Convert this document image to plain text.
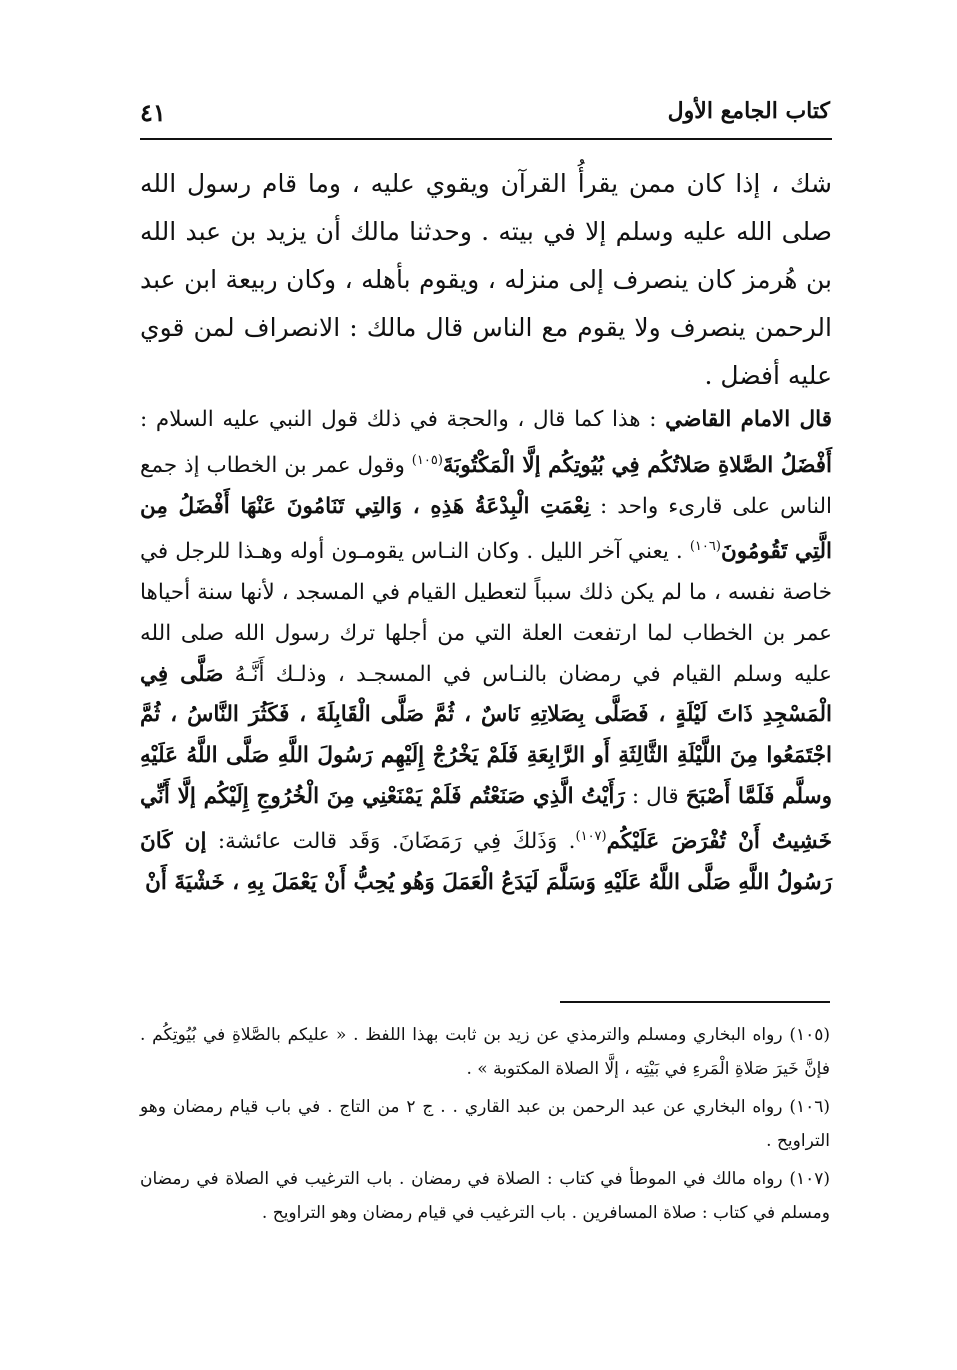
كتاب الجامع الأول
٤١

شك ، إذا كان ممن يقرأُ القرآن ويقوي عليه ، وما قام رسول الله صلى الله عليه وسلم إلا في بيته . وحدثنا مالك أن يزيد بن عبد الله بن هُرمز كان ينصرف إلى منزله ، ويقوم بأهله ، وكان ربيعة ابن عبد الرحمن ينصرف ولا يقوم مع الناس قال مالك : الانصراف لمن قوي عليه أفضل .

قال الامام القاضي : هذا كما قال ، والحجة في ذلك قول النبي عليه السلام : أَفْضَلُ الصَّلاةِ صَلاتُكُم فِي بُيُوتِكُم إلَّا الْمَكْتُوبَةَ$^{(١٠٥)}$ وقول عمر بن الخطاب إذ جمع الناس على قارىء واحد : نِعْمَتِ الْبِدْعَةُ هَذِهِ ، وَالتِي تَنَامُونَ عَنْهَا أَفْضَلُ مِن الَّتِي تَقُومُونَ$^{(١٠٦)}$ . يعني آخر الليل . وكان النـاس يقومـون أوله وهـذا للرجل في خاصة نفسه ، ما لم يكن ذلك سبباً لتعطيل القيام في المسجد ، لأنها سنة أحياها عمر بن الخطاب لما ارتفعت العلة التي من أجلها ترك رسول الله صلى الله عليه وسلم القيام في رمضان بالنـاس في المسجـد ، وذلـك أَنَّـهُ صَلَّى فِي الْمَسْجِدِ ذَاتَ لَيْلَةٍ ، فَصَلَّى بِصَلاتِهِ نَاسٌ ، ثُمَّ صَلَّى الْقَابِلَةَ ، فَكَثُرَ النَّاسُ ، ثُمَّ اجْتَمَعُوا مِنَ اللَّيْلَةِ الثَّالِثَةِ أَو الرَّابِعَةِ فَلَمْ يَخْرُجْ إِلَيْهِم رَسُولَ اللَّهِ صَلَّى اللَّهُ عَلَيْهِ وسلَّم فَلَمَّا أَصْبَحَ قال : رَأَيْتُ الَّذِي صَنَعْتُم فَلَمْ يَمْنَعْنِي مِنَ الْخُرُوجِ إِلَيْكُم إلَّا أَنِّي خَشِيتُ أَنْ تُفْرَضَ عَلَيْكُم$^{(١٠٧)}$. وَذَلكَ فِي رَمَضَانَ. وَقَد قالت عائشة: إن كَانَ رَسُولُ اللَّهِ صَلَّى اللَّهُ عَلَيْهِ وَسَلَّمَ لَيَدَعُ الْعَمَلَ وَهُو يُحِبُّ أَنْ يَعْمَلَ بِهِ ، خَشْيَةَ أَنْ

(١٠٥) رواه البخاري ومسلم والترمذي عن زيد بن ثابت بهذا اللفظ . « عليكم بالصَّلاةِ في بُيُوتِكُم . فإنَّ خَيرَ صَلاةِ الْمَرءِ في بَيْتِه ، إلَّا الصلاة المكتوبة » .

(١٠٦) رواه البخاري عن عبد الرحمن بن عبد القاري . . ج ٢ من التاج . في باب قيام رمضان وهو التراويح .

(١٠٧) رواه مالك في الموطأ في كتاب : الصلاة في رمضان . باب الترغيب في الصلاة في رمضان ومسلم في كتاب : صلاة المسافرين . باب الترغيب في قيام رمضان وهو التراويح .
